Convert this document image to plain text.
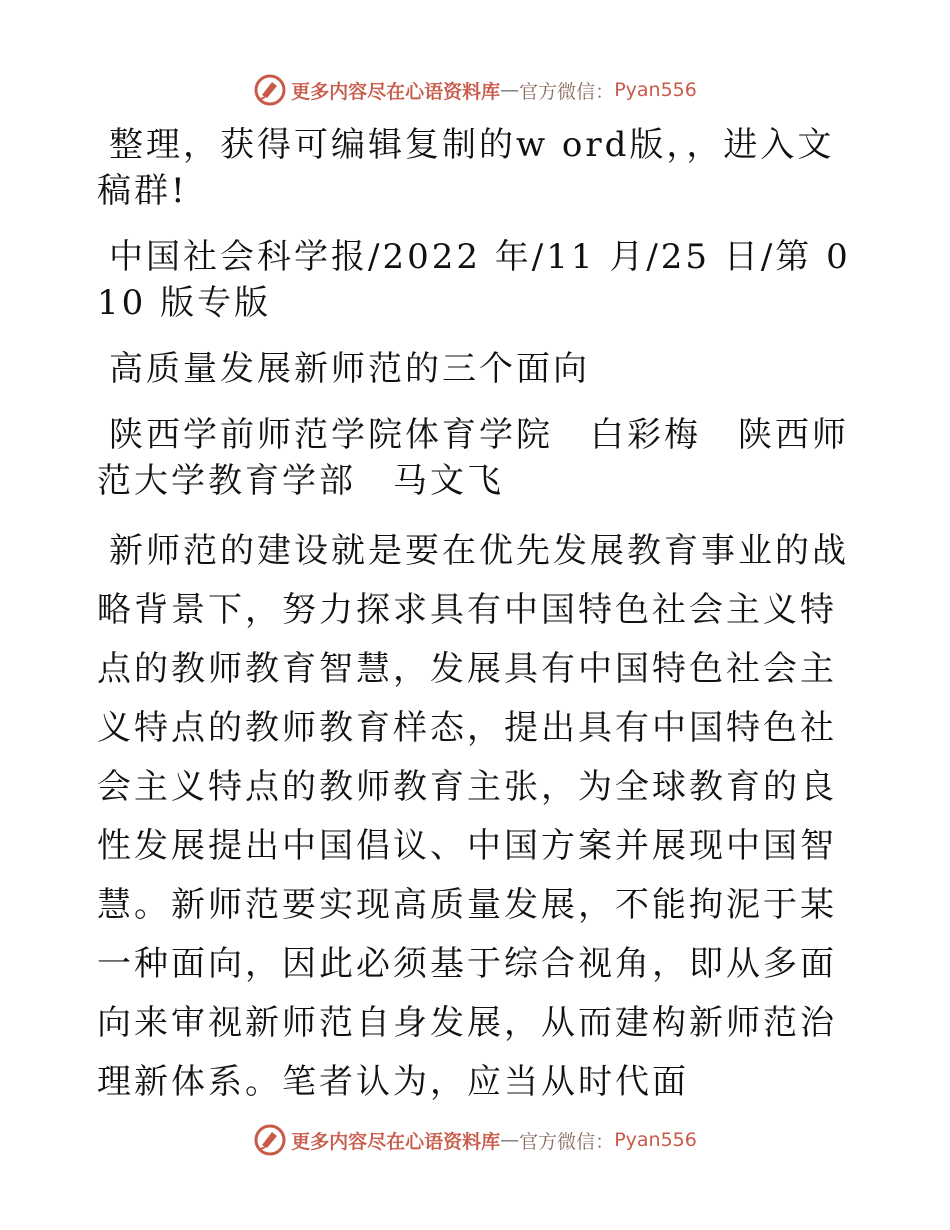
更多内容尽在心语资料库 — 官方微信： Pyan556

整理，获得可编辑复制的w ord版，，进入文稿群!

中国社会科学报/2022 年/11 月/25 日/第 010 版专版

高质量发展新师范的三个面向

陕西学前师范学院体育学院　白彩梅　陕西师范大学教育学部　马文飞

新师范的建设就是要在优先发展教育事业的战略背景下，努力探求具有中国特色社会主义特点的教师教育智慧，发展具有中国特色社会主义特点的教师教育样态，提出具有中国特色社会主义特点的教师教育主张，为全球教育的良性发展提出中国倡议、中国方案并展现中国智慧。新师范要实现高质量发展，不能拘泥于某一种面向，因此必须基于综合视角，即从多面向来审视新师范自身发展，从而建构新师范治理新体系。笔者认为，应当从时代面

更多内容尽在心语资料库 — 官方微信： Pyan556
